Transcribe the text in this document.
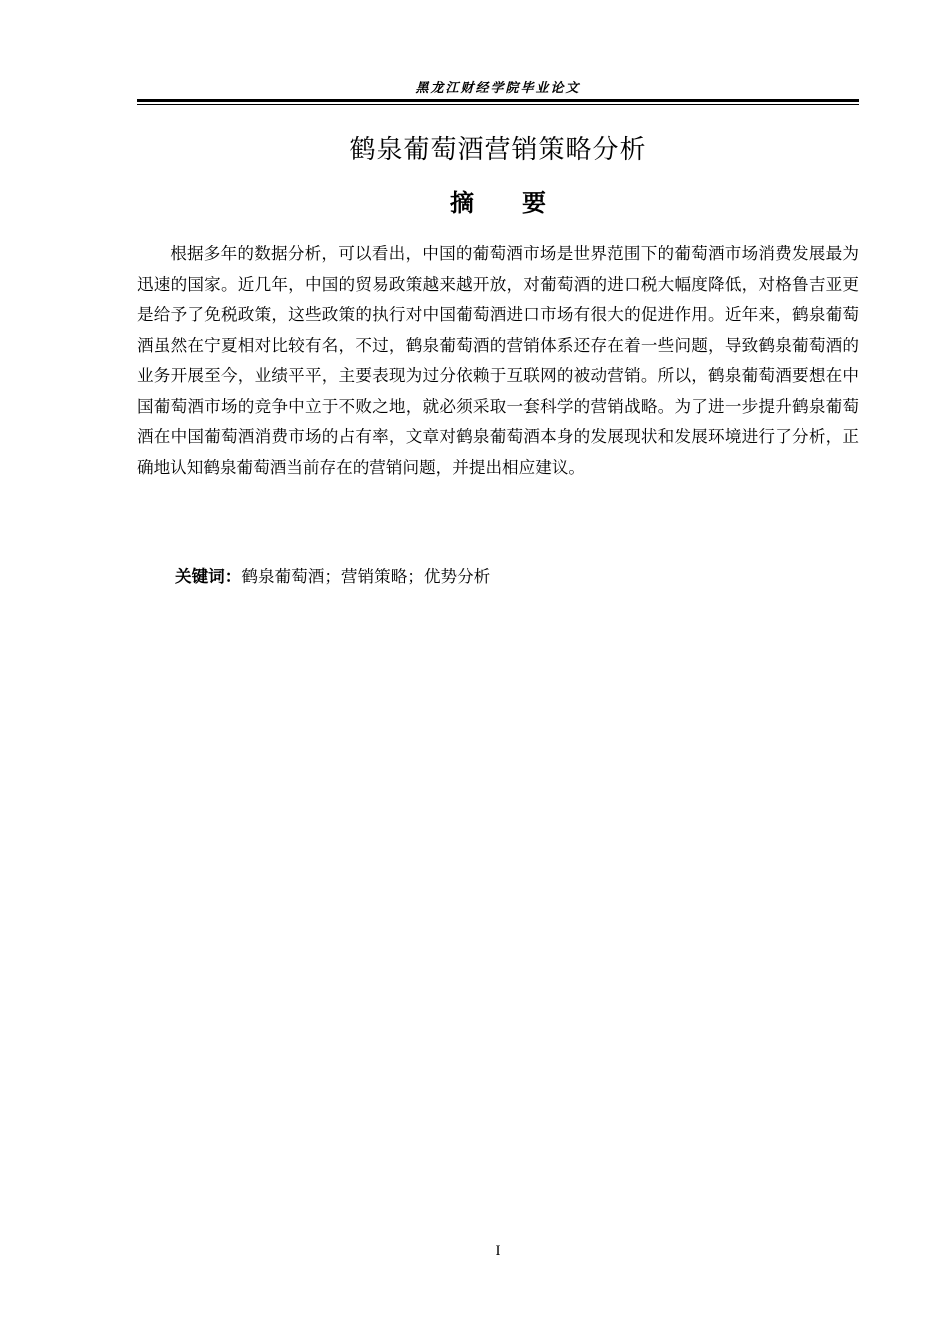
黑龙江财经学院毕业论文
鹤泉葡萄酒营销策略分析
摘　　要

根据多年的数据分析，可以看出，中国的葡萄酒市场是世界范围下的葡萄酒市场消费发展最为迅速的国家。近几年，中国的贸易政策越来越开放，对葡萄酒的进口税大幅度降低，对格鲁吉亚更是给予了免税政策，这些政策的执行对中国葡萄酒进口市场有很大的促进作用。近年来，鹤泉葡萄酒虽然在宁夏相对比较有名，不过，鹤泉葡萄酒的营销体系还存在着一些问题，导致鹤泉葡萄酒的业务开展至今，业绩平平，主要表现为过分依赖于互联网的被动营销。所以，鹤泉葡萄酒要想在中国葡萄酒市场的竞争中立于不败之地，就必须采取一套科学的营销战略。为了进一步提升鹤泉葡萄酒在中国葡萄酒消费市场的占有率，文章对鹤泉葡萄酒本身的发展现状和发展环境进行了分析，正确地认知鹤泉葡萄酒当前存在的营销问题，并提出相应建议。

关键词：鹤泉葡萄酒；营销策略；优势分析
I
